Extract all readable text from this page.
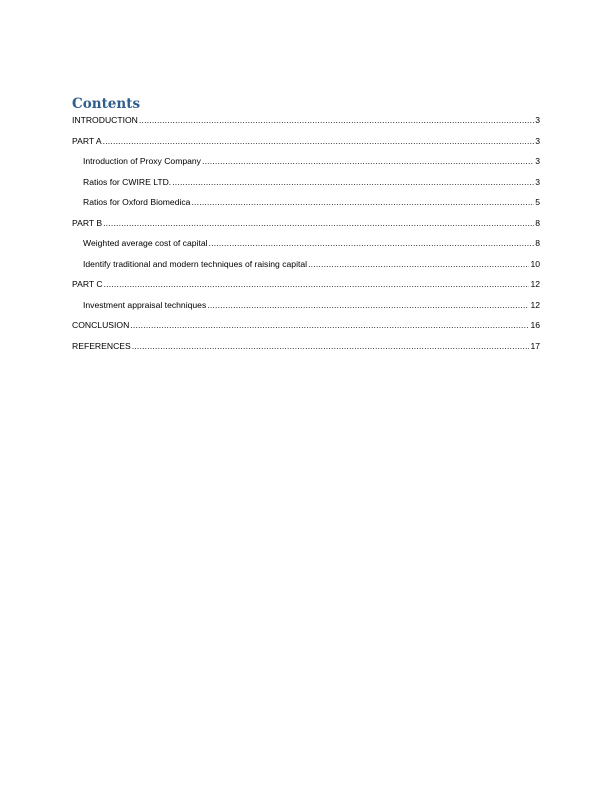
Contents
INTRODUCTION .....	3
PART A .....	3
Introduction of Proxy Company .....	3
Ratios for CWIRE LTD. .....	3
Ratios for Oxford Biomedica .....	5
PART B .....	8
Weighted average cost of capital .....	8
Identify traditional and modern techniques of raising capital .....	10
PART C .....	12
Investment appraisal techniques .....	12
CONCLUSION .....	16
REFERENCES .....	17
